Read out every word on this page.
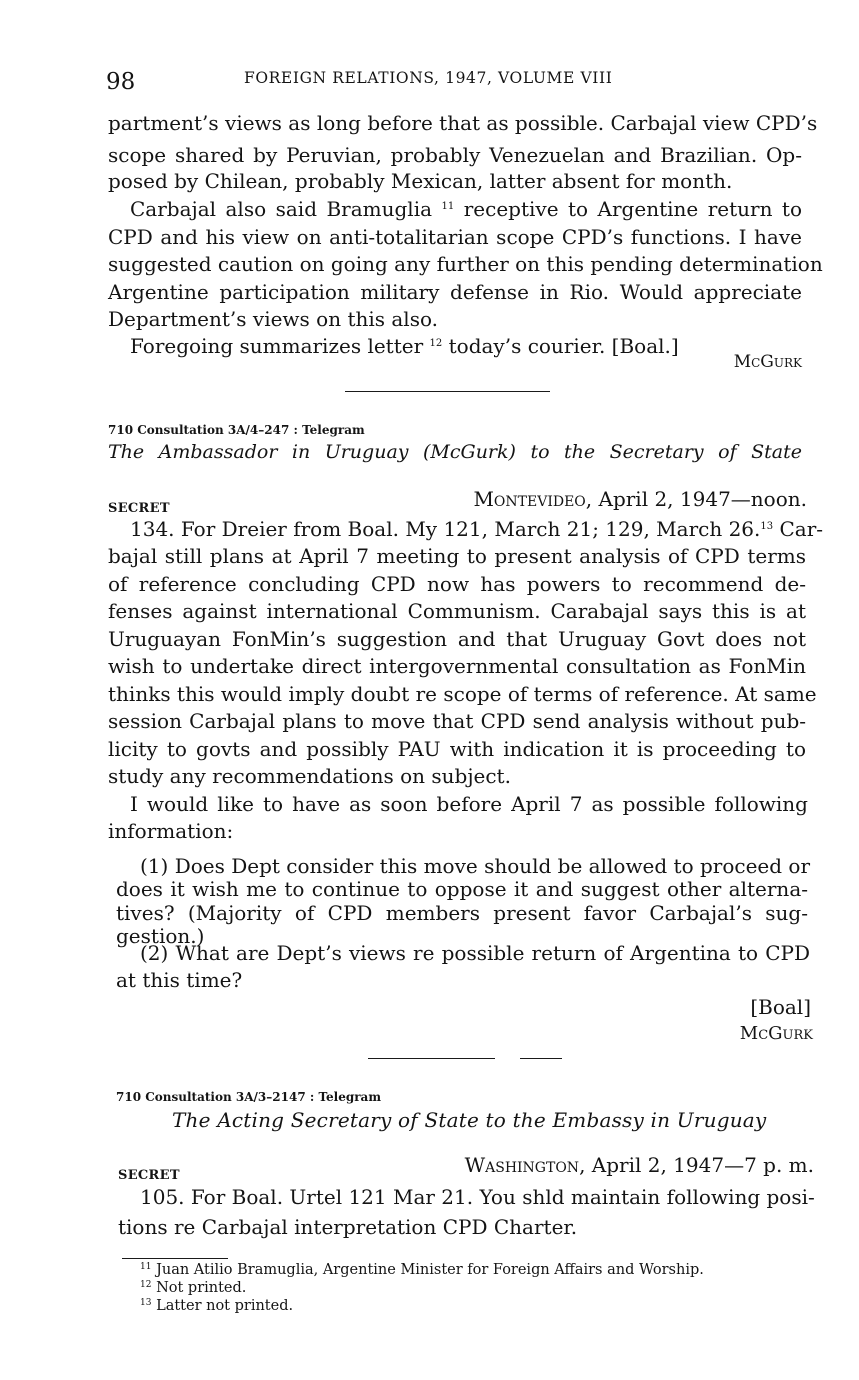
98	FOREIGN RELATIONS, 1947, VOLUME VIII
partment’s views as long before that as possible. Carbajal view CPD’s
scope shared by Peruvian, probably Venezuelan and Brazilian. Op-
posed by Chilean, probably Mexican, latter absent for month.
Carbajal also said Bramuglia $^{11}$ receptive to Argentine return to
CPD and his view on anti-totalitarian scope CPD’s functions. I have
suggested caution on going any further on this pending determination
Argentine participation military defense in Rio. Would appreciate
Department’s views on this also.
Foregoing summarizes letter $^{12}$ today’s courier. [Boal.]
McGurk
710 Consultation 3A/4–247 : Telegram
The Ambassador in Uruguay (McGurk) to the Secretary of State
SECRET	Montevideo, April 2, 1947—noon.
134. For Dreier from Boal. My 121, March 21; 129, March 26.13 Car-
bajal still plans at April 7 meeting to present analysis of CPD terms
of reference concluding CPD now has powers to recommend de-
fenses against international Communism. Carabajal says this is at
Uruguayan FonMin’s suggestion and that Uruguay Govt does not
wish to undertake direct intergovernmental consultation as FonMin
thinks this would imply doubt re scope of terms of reference. At same
session Carbajal plans to move that CPD send analysis without pub-
licity to govts and possibly PAU with indication it is proceeding to
study any recommendations on subject.
I would like to have as soon before April 7 as possible following
information:
(1) Does Dept consider this move should be allowed to proceed or
does it wish me to continue to oppose it and suggest other alterna-
tives? (Majority of CPD members present favor Carbajal’s sug-
gestion.)
(2) What are Dept’s views re possible return of Argentina to CPD
at this time?
[Boal]
McGurk
710 Consultation 3A/3–2147 : Telegram
The Acting Secretary of State to the Embassy in Uruguay
SECRET	Washington, April 2, 1947—7 p. m.
105. For Boal. Urtel 121 Mar 21. You shld maintain following posi-
tions re Carbajal interpretation CPD Charter.
$^{11}$ Juan Atilio Bramuglia, Argentine Minister for Foreign Affairs and Worship.
$^{12}$ Not printed.
$^{13}$ Latter not printed.
